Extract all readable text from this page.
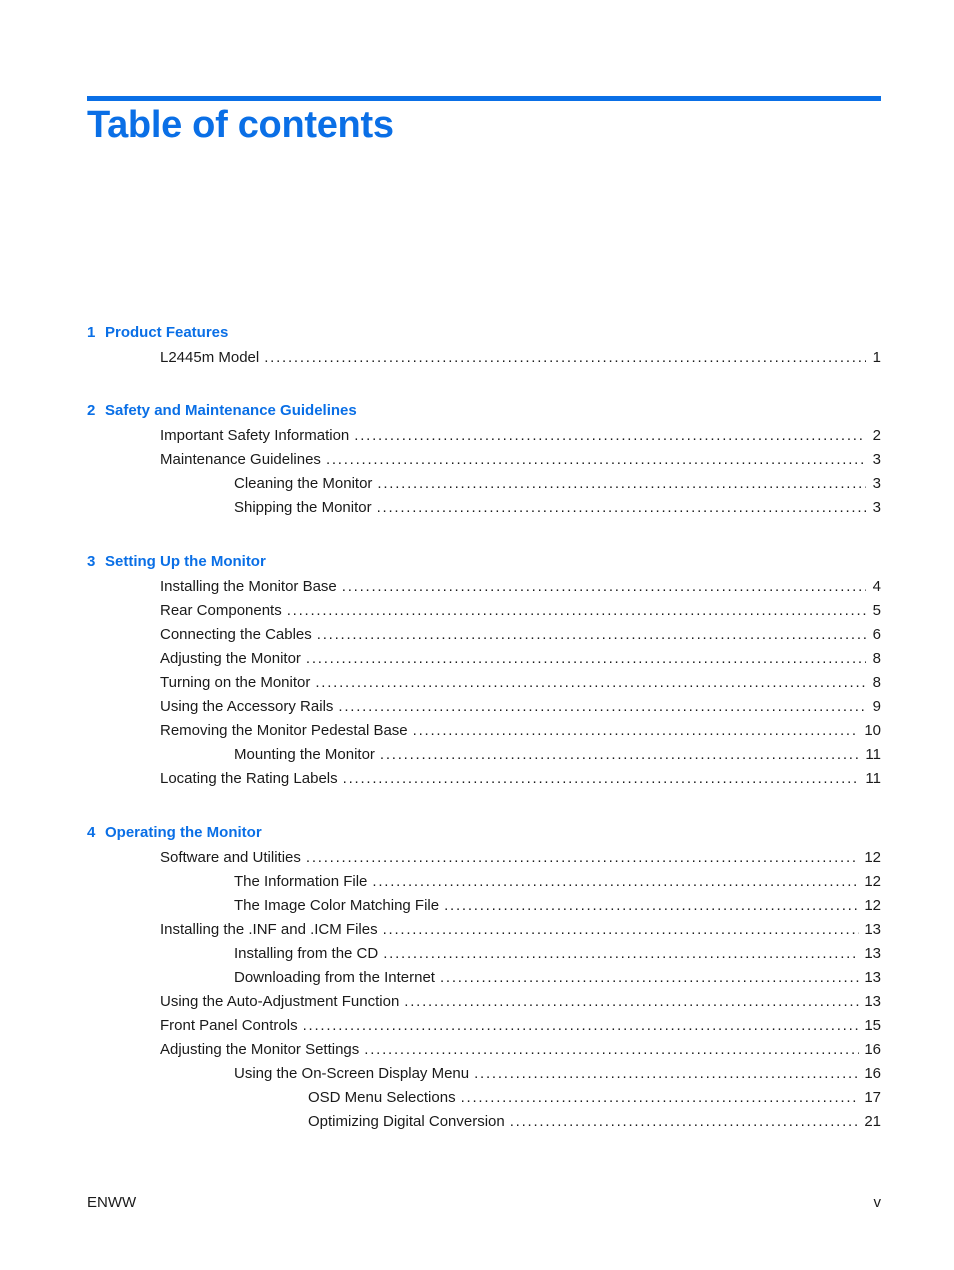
Table of contents
1 Product Features
L2445m Model . . .	1
2 Safety and Maintenance Guidelines
Important Safety Information . . .	2
Maintenance Guidelines . . .	3
Cleaning the Monitor . . .	3
Shipping the Monitor . . .	3
3 Setting Up the Monitor
Installing the Monitor Base . . .	4
Rear Components . . .	5
Connecting the Cables . . .	6
Adjusting the Monitor . . .	8
Turning on the Monitor . . .	8
Using the Accessory Rails . . .	9
Removing the Monitor Pedestal Base . . .	10
Mounting the Monitor . . .	11
Locating the Rating Labels . . .	11
4 Operating the Monitor
Software and Utilities . . .	12
The Information File . . .	12
The Image Color Matching File . . .	12
Installing the .INF and .ICM Files . . .	13
Installing from the CD . . .	13
Downloading from the Internet . . .	13
Using the Auto-Adjustment Function . . .	13
Front Panel Controls . . .	15
Adjusting the Monitor Settings . . .	16
Using the On-Screen Display Menu . . .	16
OSD Menu Selections . . .	17
Optimizing Digital Conversion . . .	21
ENWW	v
